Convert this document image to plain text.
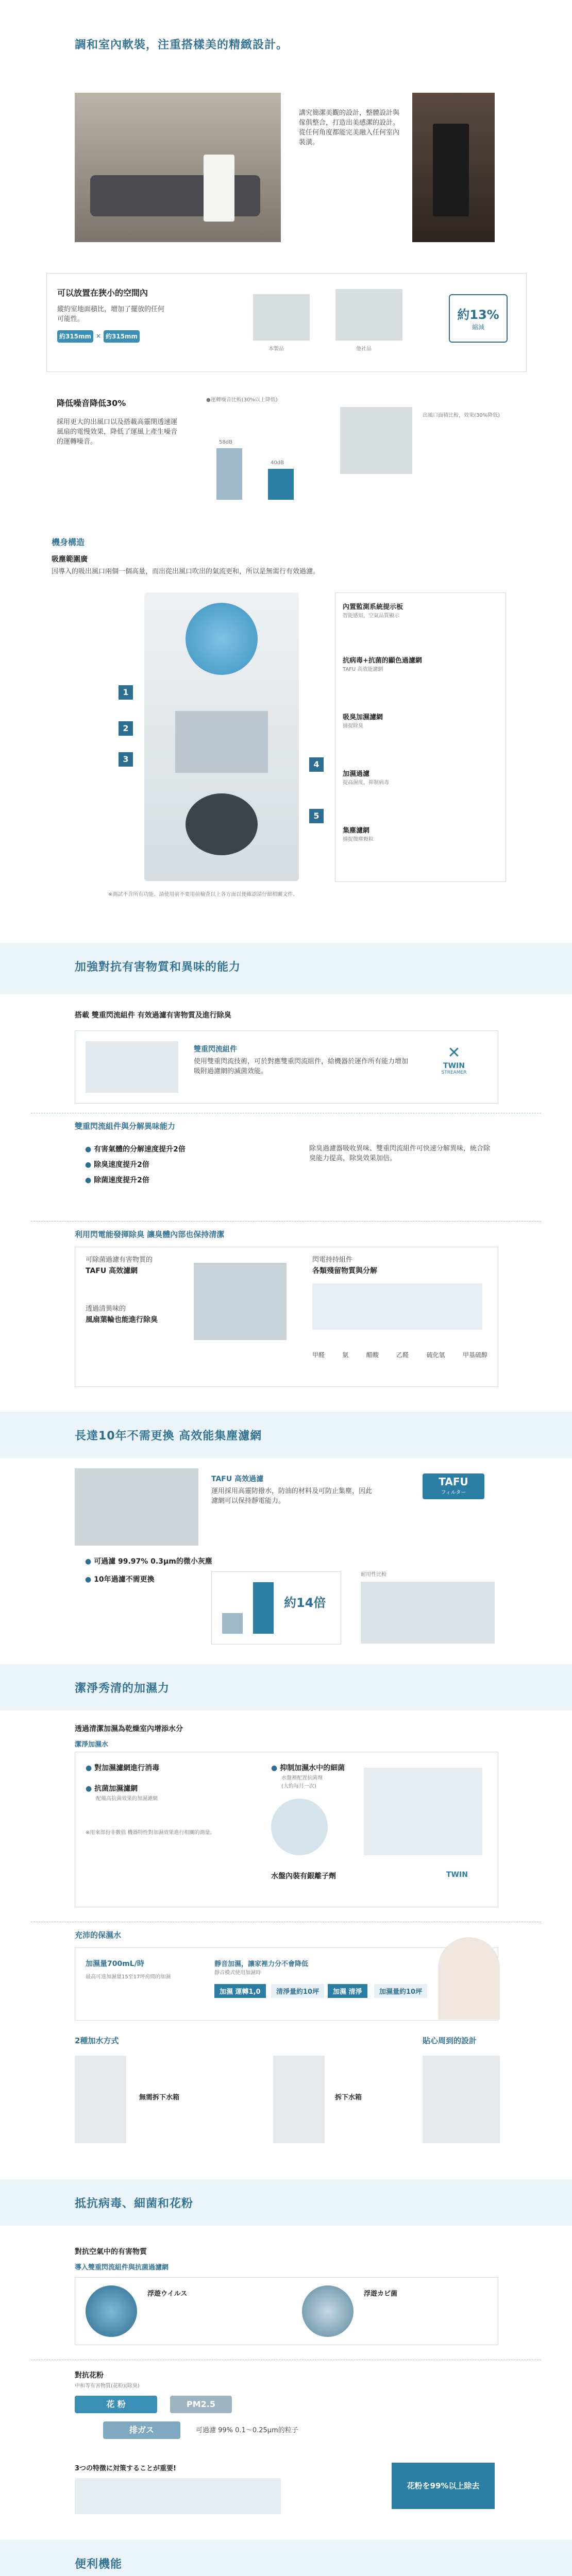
調和室內軟裝，注重搭樣美的精緻設計。
講究簡潔美觀的設計，整體設計與傢俱整合，打造出美感潔的設計。從任何角度都能完美融入任何室內裝潢。
可以放置在狹小的空間內
縱約室地面積比，增加了擺放的任何可能性。
約315mm × 約315mm
本製品	他社品
約13%
縮減
降低噪音降低30%
採用更大的出風口以及搭載高靈閉透速運風扇的電慢效果，降低了運風上產生噪音的運轉噪音。
●運轉噪音比較(30%以上降低)
58dB
40dB
出風口面積比較，效果(30%降低)
機身構造
吸塵範圍廣
因導入的吸出風口兩個一個高量，而出從出風口吹出的氣流更和，所以是無需行有效過濾。
1
2
3
4
5
內置監測系統提示板
智能感知，空氣品質顯示
抗病毒+抗菌的顯色過濾網
TAFU 高效能濾網
吸臭加濕濾網
捕捉除臭
加濕過濾
提高濕度，抑制病毒
集塵濾網
捕捉微塵顆粒
※測試不含所有功能。請使用前不要用前檢查以上各方面以便確認請仔細相關文件。
加強對抗有害物質和異味的能力
搭載 雙重閃流組件 有效過濾有害物質及進行除臭
雙重閃流組件
使用雙重閃流技術，可於對應雙重閃流組件，給機器於運作所有能力增加吸附過濾網的滅菌效能。
✕
TWIN
STREAMER
雙重閃流組件與分解異味能力
● 有害氣體的分解速度提升2倍
● 除臭速度提升2倍
● 除菌速度提升2倍
除臭過濾器吸收異味、雙重閃流組件可快速分解異味，統合除臭能力提高，除臭效果加倍。
利用閃電能發揮除臭 讓臭體內部也保持清潔
可除菌過濾有害物質的
TAFU 高效濾網
透過清異味的
風扇葉輪也能進行除臭
閃電持持組件
各類殘留物質與分解
甲醛	氨	醋酸	乙醛	硫化氫	甲基硫醇
長達10年不需更換 高效能集塵濾網
TAFU 高效過濾
運用採用高靈防撥水，防油的材料及可防止集塵，因此濾網可以保持靜電能力。
TAFU
フィルター
● 可過濾 99.97% 0.3μm的微小灰塵
● 10年過濾不需更換
約14倍
耐用性比較
潔淨秀清的加濕力
透過清潔加濕為乾燥室內增添水分
潔淨加濕水
● 對加濕濾網進行消毒
● 抗菌加濕濾網
配備高抗菌效果的加濕濾網
● 抑制加濕水中的細菌
水盤裡配置抗菌劑
(大約每月一次)
※用來部份非數值 機器特性對加濕效果進行相關的測量。
水盤內裝有銀離子劑	TWIN
充沛的保濕水
加濕量700mL/時
最高可達加濕量15至17坪房間的加濕
靜音加濕，讓家裡力分不會降低
靜音模式使用加濕時
加濕 運轉1,0	清淨量約10坪	加濕 清淨	加濕量約10坪
2種加水方式	貼心周到的設計
無需拆下水箱	拆下水箱
抵抗病毒、細菌和花粉
對抗空氣中的有害物質
導入雙重閃流組件與抗菌過濾網
浮遊ウイルス	浮遊カビ菌
對抗花粉
中和等有害物質(花粉)(除臭)
花 粉	PM2.5
排ガス	可過濾 99% 0.1～0.25μm的粒子
3つの特徴に対策することが重要!
花粉を99%以上除去
便利機能
